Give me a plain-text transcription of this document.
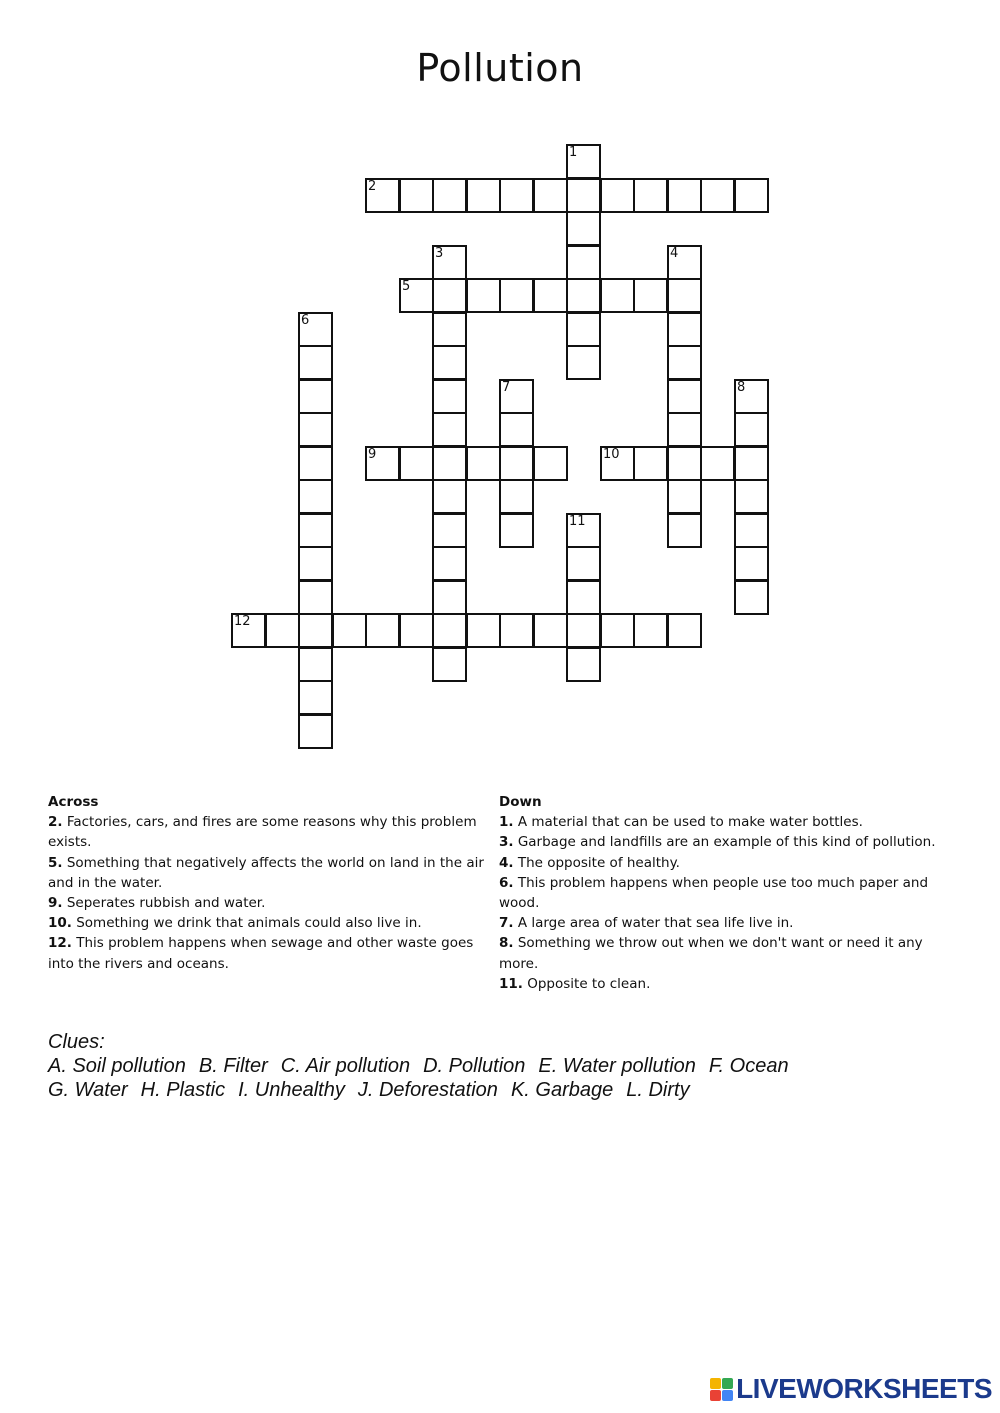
Pollution
1
2
3	4
5
6
7	8
9	10
11
12
Across
2. Factories, cars, and fires are some reasons why this problem exists.
5. Something that negatively affects the world on land in the air and in the water.
9. Seperates rubbish and water.
10. Something we drink that animals could also live in.
12. This problem happens when sewage and other waste goes into the rivers and oceans.
Down
1. A material that can be used to make water bottles.
3. Garbage and landfills are an example of this kind of pollution.
4. The opposite of healthy.
6. This problem happens when people use too much paper and wood.
7. A large area of water that sea life live in.
8. Something we throw out when we don't want or need it any more.
11. Opposite to clean.
Clues:
A. Soil pollution B. Filter C. Air pollution D. Pollution E. Water pollution F. Ocean
G. Water H. Plastic I. Unhealthy J. Deforestation K. Garbage L. Dirty
LIVEWORKSHEETS
